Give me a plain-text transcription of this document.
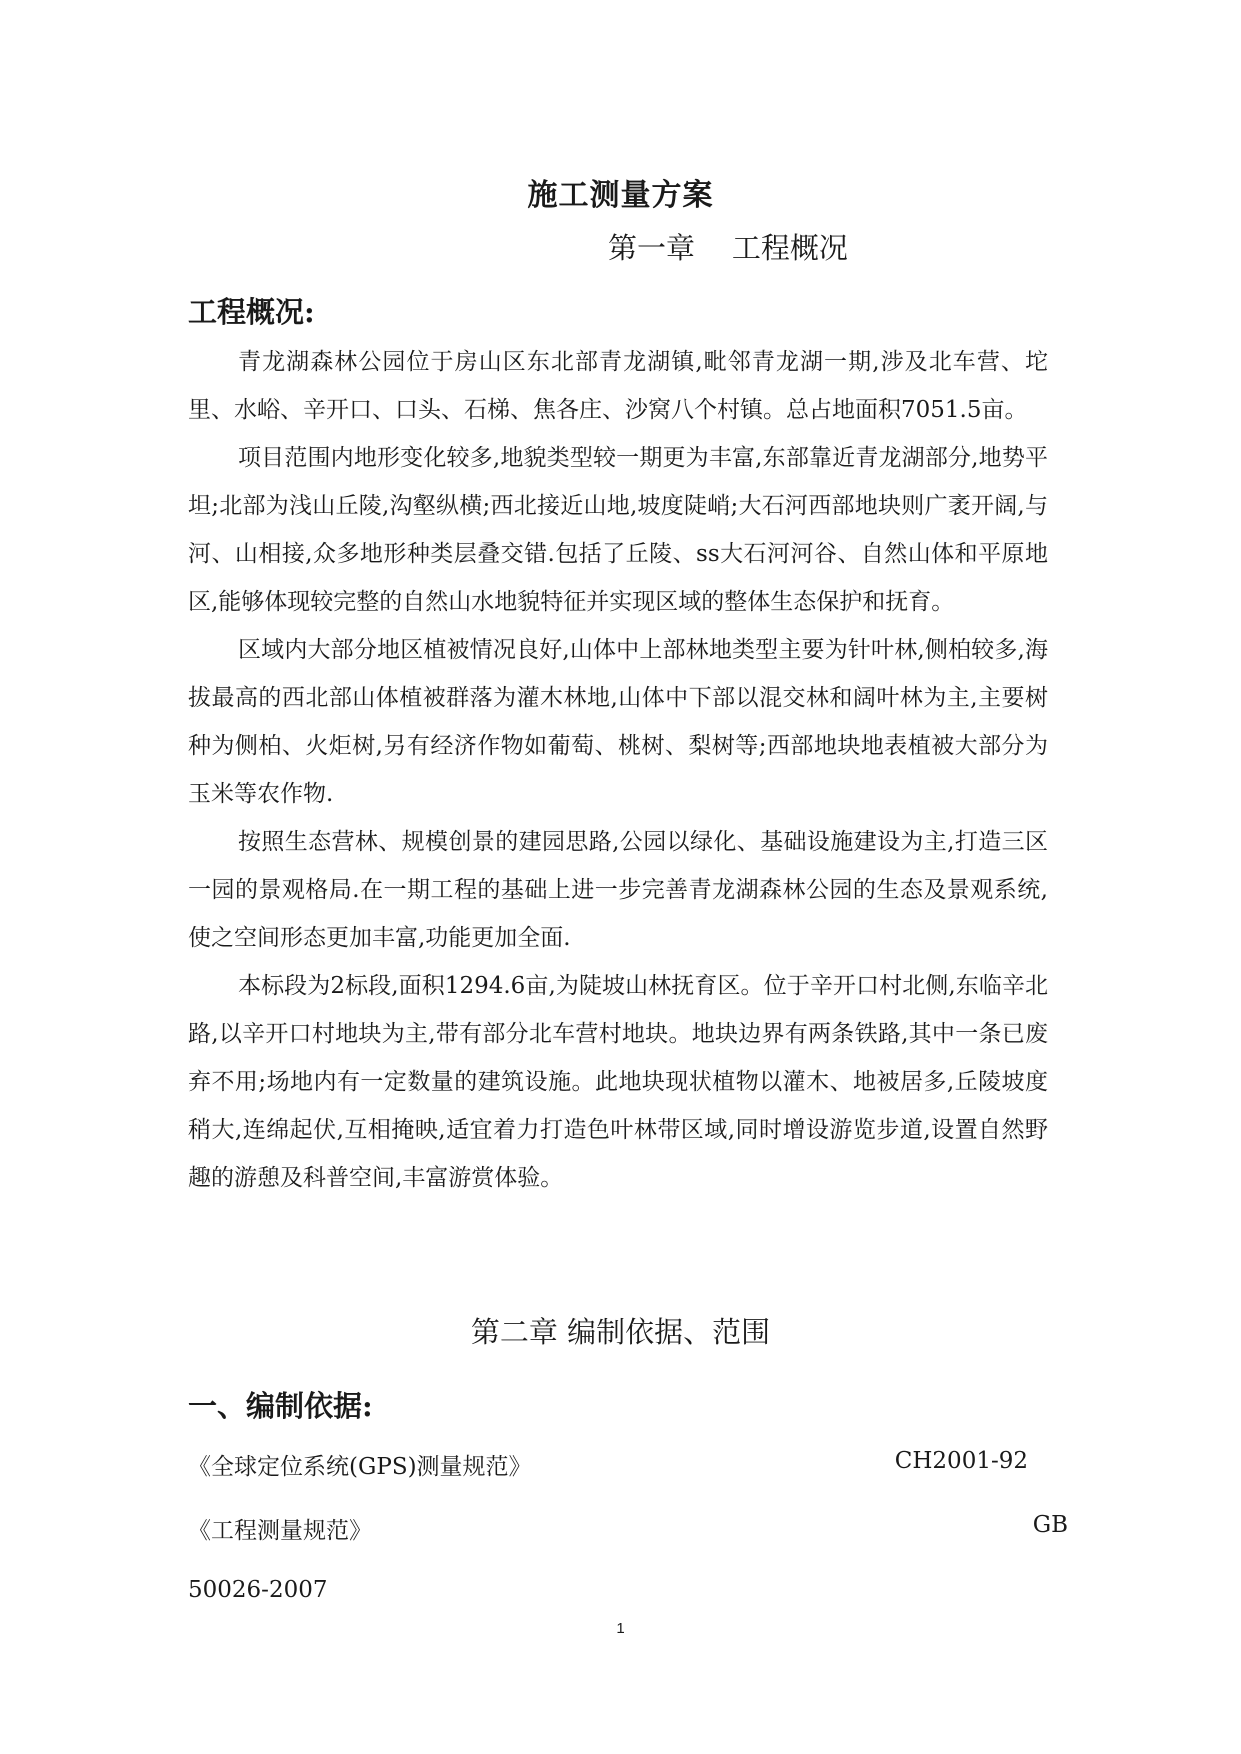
施工测量方案
第一章    工程概况
工程概况:

青龙湖森林公园位于房山区东北部青龙湖镇,毗邻青龙湖一期,涉及北车营、坨里、水峪、辛开口、口头、石梯、焦各庄、沙窝八个村镇。总占地面积7051.5亩。

项目范围内地形变化较多,地貌类型较一期更为丰富,东部靠近青龙湖部分,地势平坦;北部为浅山丘陵,沟壑纵横;西北接近山地,坡度陡峭;大石河西部地块则广袤开阔,与河、山相接,众多地形种类层叠交错.包括了丘陵、ss大石河河谷、自然山体和平原地区,能够体现较完整的自然山水地貌特征并实现区域的整体生态保护和抚育。

区域内大部分地区植被情况良好,山体中上部林地类型主要为针叶林,侧柏较多,海拔最高的西北部山体植被群落为灌木林地,山体中下部以混交林和阔叶林为主,主要树种为侧柏、火炬树,另有经济作物如葡萄、桃树、梨树等;西部地块地表植被大部分为玉米等农作物.

按照生态营林、规模创景的建园思路,公园以绿化、基础设施建设为主,打造三区一园的景观格局.在一期工程的基础上进一步完善青龙湖森林公园的生态及景观系统,使之空间形态更加丰富,功能更加全面.

本标段为2标段,面积1294.6亩,为陡坡山林抚育区。位于辛开口村北侧,东临辛北路,以辛开口村地块为主,带有部分北车营村地块。地块边界有两条铁路,其中一条已废弃不用;场地内有一定数量的建筑设施。此地块现状植物以灌木、地被居多,丘陵坡度稍大,连绵起伏,互相掩映,适宜着力打造色叶林带区域,同时增设游览步道,设置自然野趣的游憩及科普空间,丰富游赏体验。

第二章 编制依据、范围
一、编制依据:
《全球定位系统(GPS)测量规范》	CH2001-92
《工程测量规范》	GB
50026-2007
1
